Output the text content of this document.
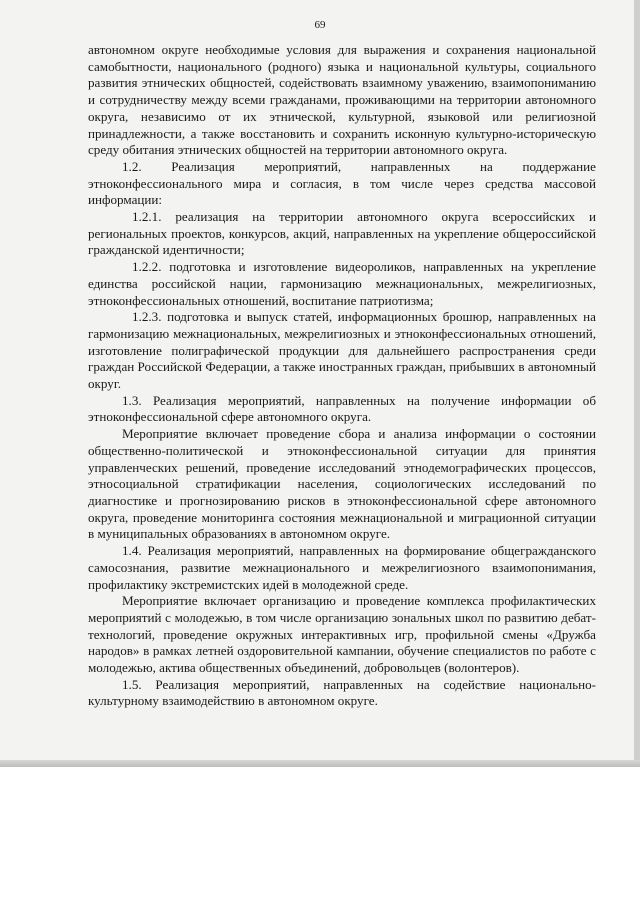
69

автономном округе необходимые условия для выражения и сохранения национальной самобытности, национального (родного) языка и национальной культуры, социального развития этнических общностей, содействовать взаимному уважению, взаимопониманию и сотрудничеству между всеми гражданами, проживающими на территории автономного округа, независимо от их этнической, культурной, языковой или религиозной принадлежности, а также восстановить и сохранить исконную культурно-историческую среду обитания этнических общностей на территории автономного округа.

1.2. Реализация мероприятий, направленных на поддержание этноконфессионального мира и согласия, в том числе через средства массовой информации:

1.2.1. реализация на территории автономного округа всероссийских и региональных проектов, конкурсов, акций, направленных на укрепление общероссийской гражданской идентичности;

1.2.2. подготовка и изготовление видеороликов, направленных на укрепление единства российской нации, гармонизацию межнациональных, межрелигиозных, этноконфессиональных отношений, воспитание патриотизма;

1.2.3. подготовка и выпуск статей, информационных брошюр, направленных на гармонизацию межнациональных, межрелигиозных и этноконфессиональных отношений, изготовление полиграфической продукции для дальнейшего распространения среди граждан Российской Федерации, а также иностранных граждан, прибывших в автономный округ.

1.3. Реализация мероприятий, направленных на получение информации об этноконфессиональной сфере автономного округа.

Мероприятие включает проведение сбора и анализа информации о состоянии общественно-политической и этноконфессиональной ситуации для принятия управленческих решений, проведение исследований этнодемографических процессов, этносоциальной стратификации населения, социологических исследований по диагностике и прогнозированию рисков в этноконфессиональной сфере автономного округа, проведение мониторинга состояния межнациональной и миграционной ситуации в муниципальных образованиях в автономном округе.

1.4. Реализация мероприятий, направленных на формирование общегражданского самосознания, развитие межнационального и межрелигиозного взаимопонимания, профилактику экстремистских идей в молодежной среде.

Мероприятие включает организацию и проведение комплекса профилактических мероприятий с молодежью, в том числе организацию зональных школ по развитию дебат-технологий, проведение окружных интерактивных игр, профильной смены «Дружба народов» в рамках летней оздоровительной кампании, обучение специалистов по работе с молодежью, актива общественных объединений, добровольцев (волонтеров).

1.5. Реализация мероприятий, направленных на содействие национально-культурному взаимодействию в автономном округе.
